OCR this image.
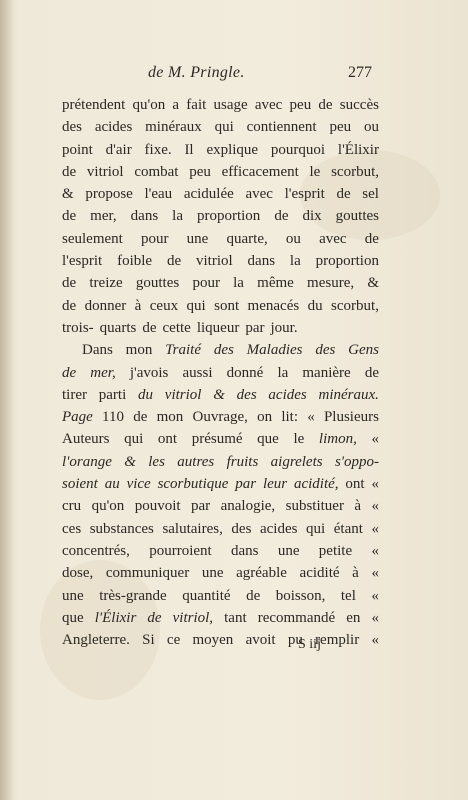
de M. Pringle.	277
prétendent qu'on a fait usage avec peu de succès
des acides minéraux qui contiennent peu ou
point d'air fixe. Il explique pourquoi l'Élixir
de vitriol combat peu efficacement le scorbut,
& propose l'eau acidulée avec l'esprit de sel
de mer, dans la proportion de dix gouttes
seulement pour une quarte, ou avec de
l'esprit foible de vitriol dans la proportion
de treize gouttes pour la même mesure, &
de donner à ceux qui sont menacés du scorbut,
trois- quarts de cette liqueur par jour.
Dans mon Traité des Maladies des Gens
de mer, j'avois aussi donné la manière de
tirer parti du vitriol & des acides minéraux.
Page 110 de mon Ouvrage, on lit: « Plusieurs
Auteurs qui ont présumé que le limon, «
l'orange & les autres fruits aigrelets s'oppo-
soient au vice scorbutique par leur acidité, ont «
cru qu'on pouvoit par analogie, substituer à «
ces substances salutaires, des acides qui étant «
concentrés, pourroient dans une petite «
dose, communiquer une agréable acidité à «
une très-grande quantité de boisson, tel «
que l'Élixir de vitriol, tant recommandé en «
Angleterre. Si ce moyen avoit pu remplir «
S iij
